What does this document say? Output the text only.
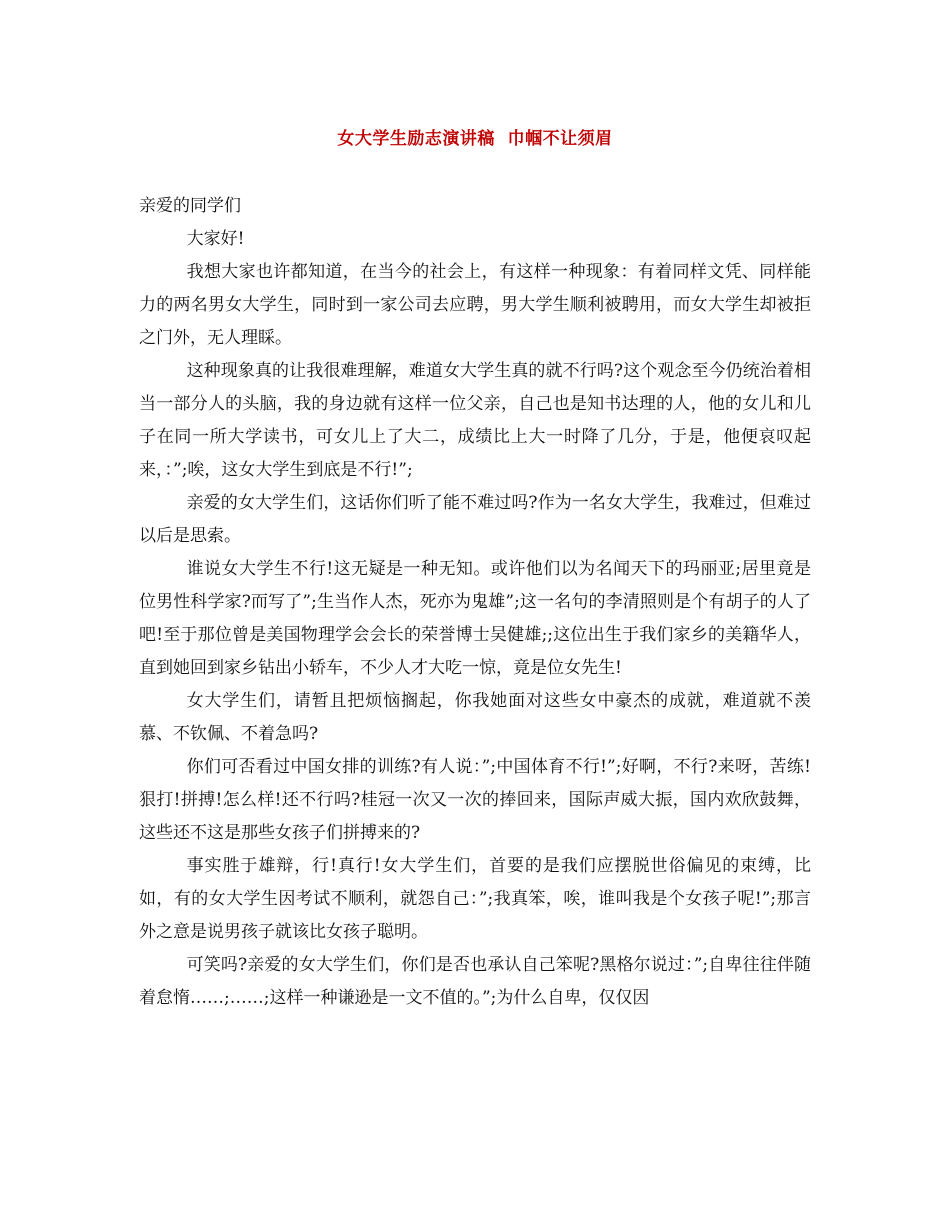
女大学生励志演讲稿  巾帼不让须眉

亲爱的同学们

大家好!

我想大家也许都知道，在当今的社会上，有这样一种现象：有着同样文凭、同样能力的两名男女大学生，同时到一家公司去应聘，男大学生顺利被聘用，而女大学生却被拒之门外，无人理睬。

这种现象真的让我很难理解，难道女大学生真的就不行吗?这个观念至今仍统治着相当一部分人的头脑，我的身边就有这样一位父亲，自己也是知书达理的人，他的女儿和儿子在同一所大学读书，可女儿上了大二，成绩比上大一时降了几分，于是，他便哀叹起来，：”;唉，这女大学生到底是不行!”;

亲爱的女大学生们，这话你们听了能不难过吗?作为一名女大学生，我难过，但难过以后是思索。

谁说女大学生不行!这无疑是一种无知。或许他们以为名闻天下的玛丽亚;居里竟是位男性科学家?而写了”;生当作人杰，死亦为鬼雄”;这一名句的李清照则是个有胡子的人了吧!至于那位曾是美国物理学会会长的荣誉博士吴健雄;;这位出生于我们家乡的美籍华人，直到她回到家乡钻出小轿车，不少人才大吃一惊，竟是位女先生!

女大学生们，请暂且把烦恼搁起，你我她面对这些女中豪杰的成就，难道就不羡慕、不钦佩、不着急吗?

你们可否看过中国女排的训练?有人说：”;中国体育不行!”;好啊，不行?来呀，苦练!狠打!拼搏!怎么样!还不行吗?桂冠一次又一次的捧回来，国际声威大振，国内欢欣鼓舞，这些还不这是那些女孩子们拼搏来的?

事实胜于雄辩，行!真行!女大学生们，首要的是我们应摆脱世俗偏见的束缚，比如，有的女大学生因考试不顺利，就怨自己：”;我真笨，唉，谁叫我是个女孩子呢!”;那言外之意是说男孩子就该比女孩子聪明。

可笑吗?亲爱的女大学生们，你们是否也承认自己笨呢?黑格尔说过：”;自卑往往伴随着怠惰……;……;这样一种谦逊是一文不值的。”;为什么自卑，仅仅因
